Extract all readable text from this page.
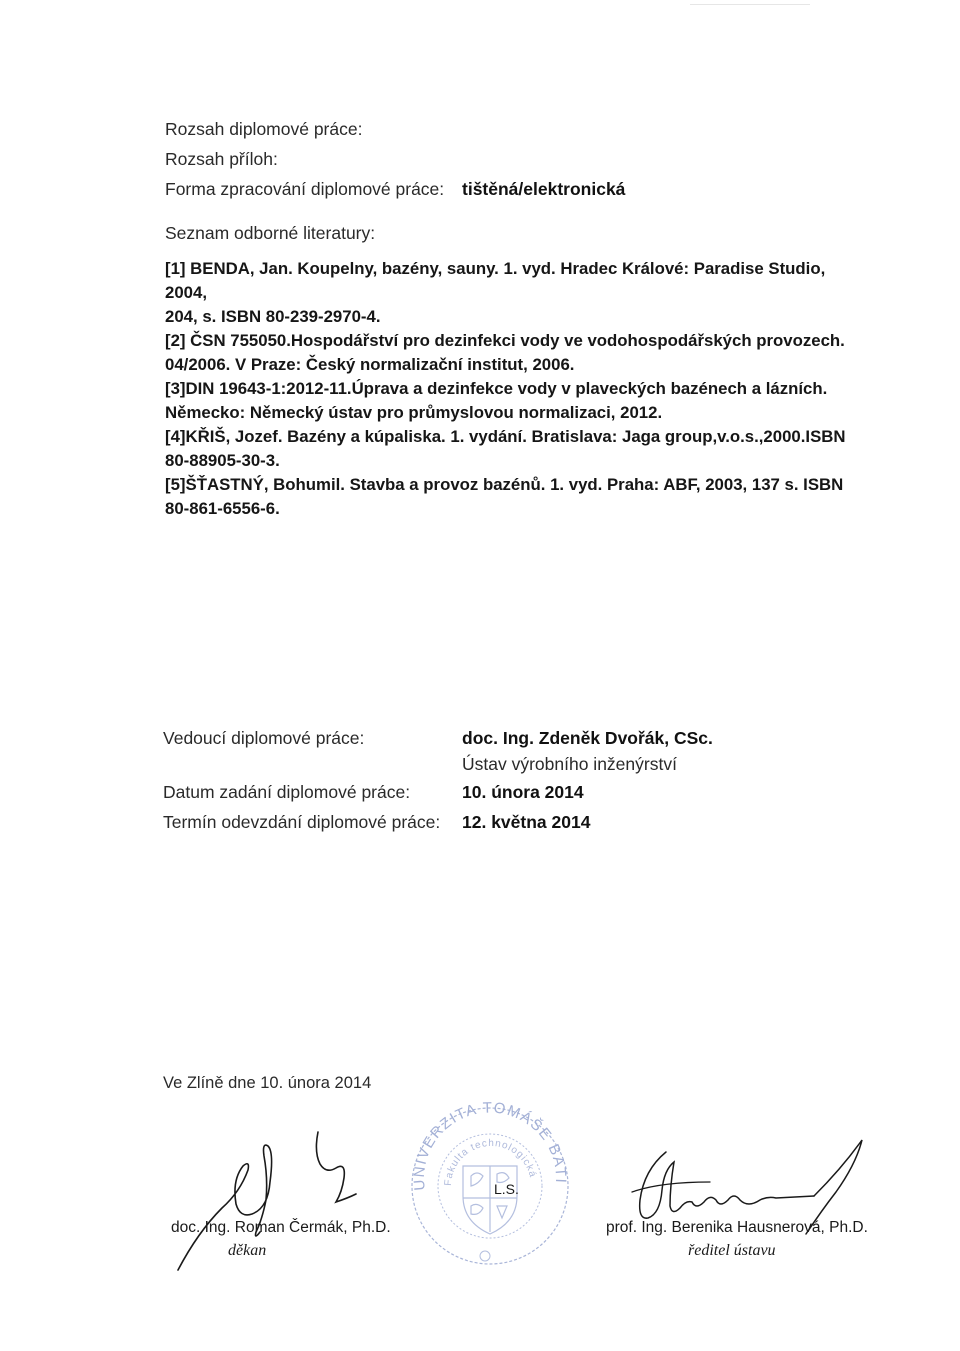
Rozsah diplomové práce:
Rozsah příloh:
Forma zpracování diplomové práce: tištěná/elektronická
Seznam odborné literatury:
[1] BENDA, Jan. Koupelny, bazény, sauny. 1. vyd. Hradec Králové: Paradise Studio, 2004,
204, s. ISBN 80-239-2970-4.
[2] ČSN 755050.Hospodářství pro dezinfekci vody ve vodohospodářských provozech.
04/2006. V Praze: Český normalizační institut, 2006.
[3]DIN 19643-1:2012-11.Úprava a dezinfekce vody v plaveckých bazénech a lázních.
Německo: Německý ústav pro průmyslovou normalizaci, 2012.
[4]KŘIŠ, Jozef. Bazény a kúpaliska. 1. vydání. Bratislava: Jaga group,v.o.s.,2000.ISBN
80-88905-30-3.
[5]ŠŤASTNÝ, Bohumil. Stavba a provoz bazénů. 1. vyd. Praha: ABF, 2003, 137 s. ISBN
80-861-6556-6.
Vedoucí diplomové práce:	doc. Ing. Zdeněk Dvořák, CSc.
Ústav výrobního inženýrství
Datum zadání diplomové práce:	10. února 2014
Termín odevzdání diplomové práce: 12. května 2014
Ve Zlíně dne 10. února 2014
UNIVERZITA TOMÁŠE BATI VE ZLÍNĚ
Fakulta technologická
L.S.
doc. Ing. Roman Čermák, Ph.D.
děkan
prof. Ing. Berenika Hausnerová, Ph.D.
ředitel ústavu
